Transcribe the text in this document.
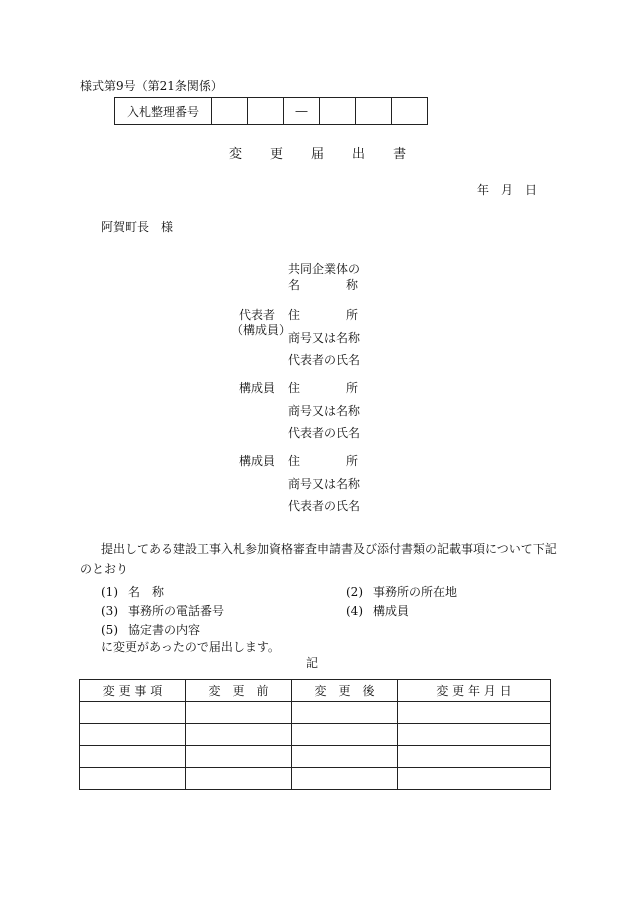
様式第9号（第21条関係）
入札整理番号			―			
変 更 届 出 書
年 月 日
阿賀町長　様
共同企業体の
名	称
代表者
（構成員）
住	所
商号又は名称
代表者の氏名
構成員 住	所
商号又は名称
代表者の氏名
構成員 住	所
商号又は名称
代表者の氏名
提出してある建設工事入札参加資格審査申請書及び添付書類の記載事項について下記
のとおり
(1) 名　称	(2) 事務所の所在地
(3) 事務所の電話番号	(4) 構成員
(5) 協定書の内容
に変更があったので届出します。
記
変 更 事 項	変　更　前	変　更　後	変 更 年 月 日
